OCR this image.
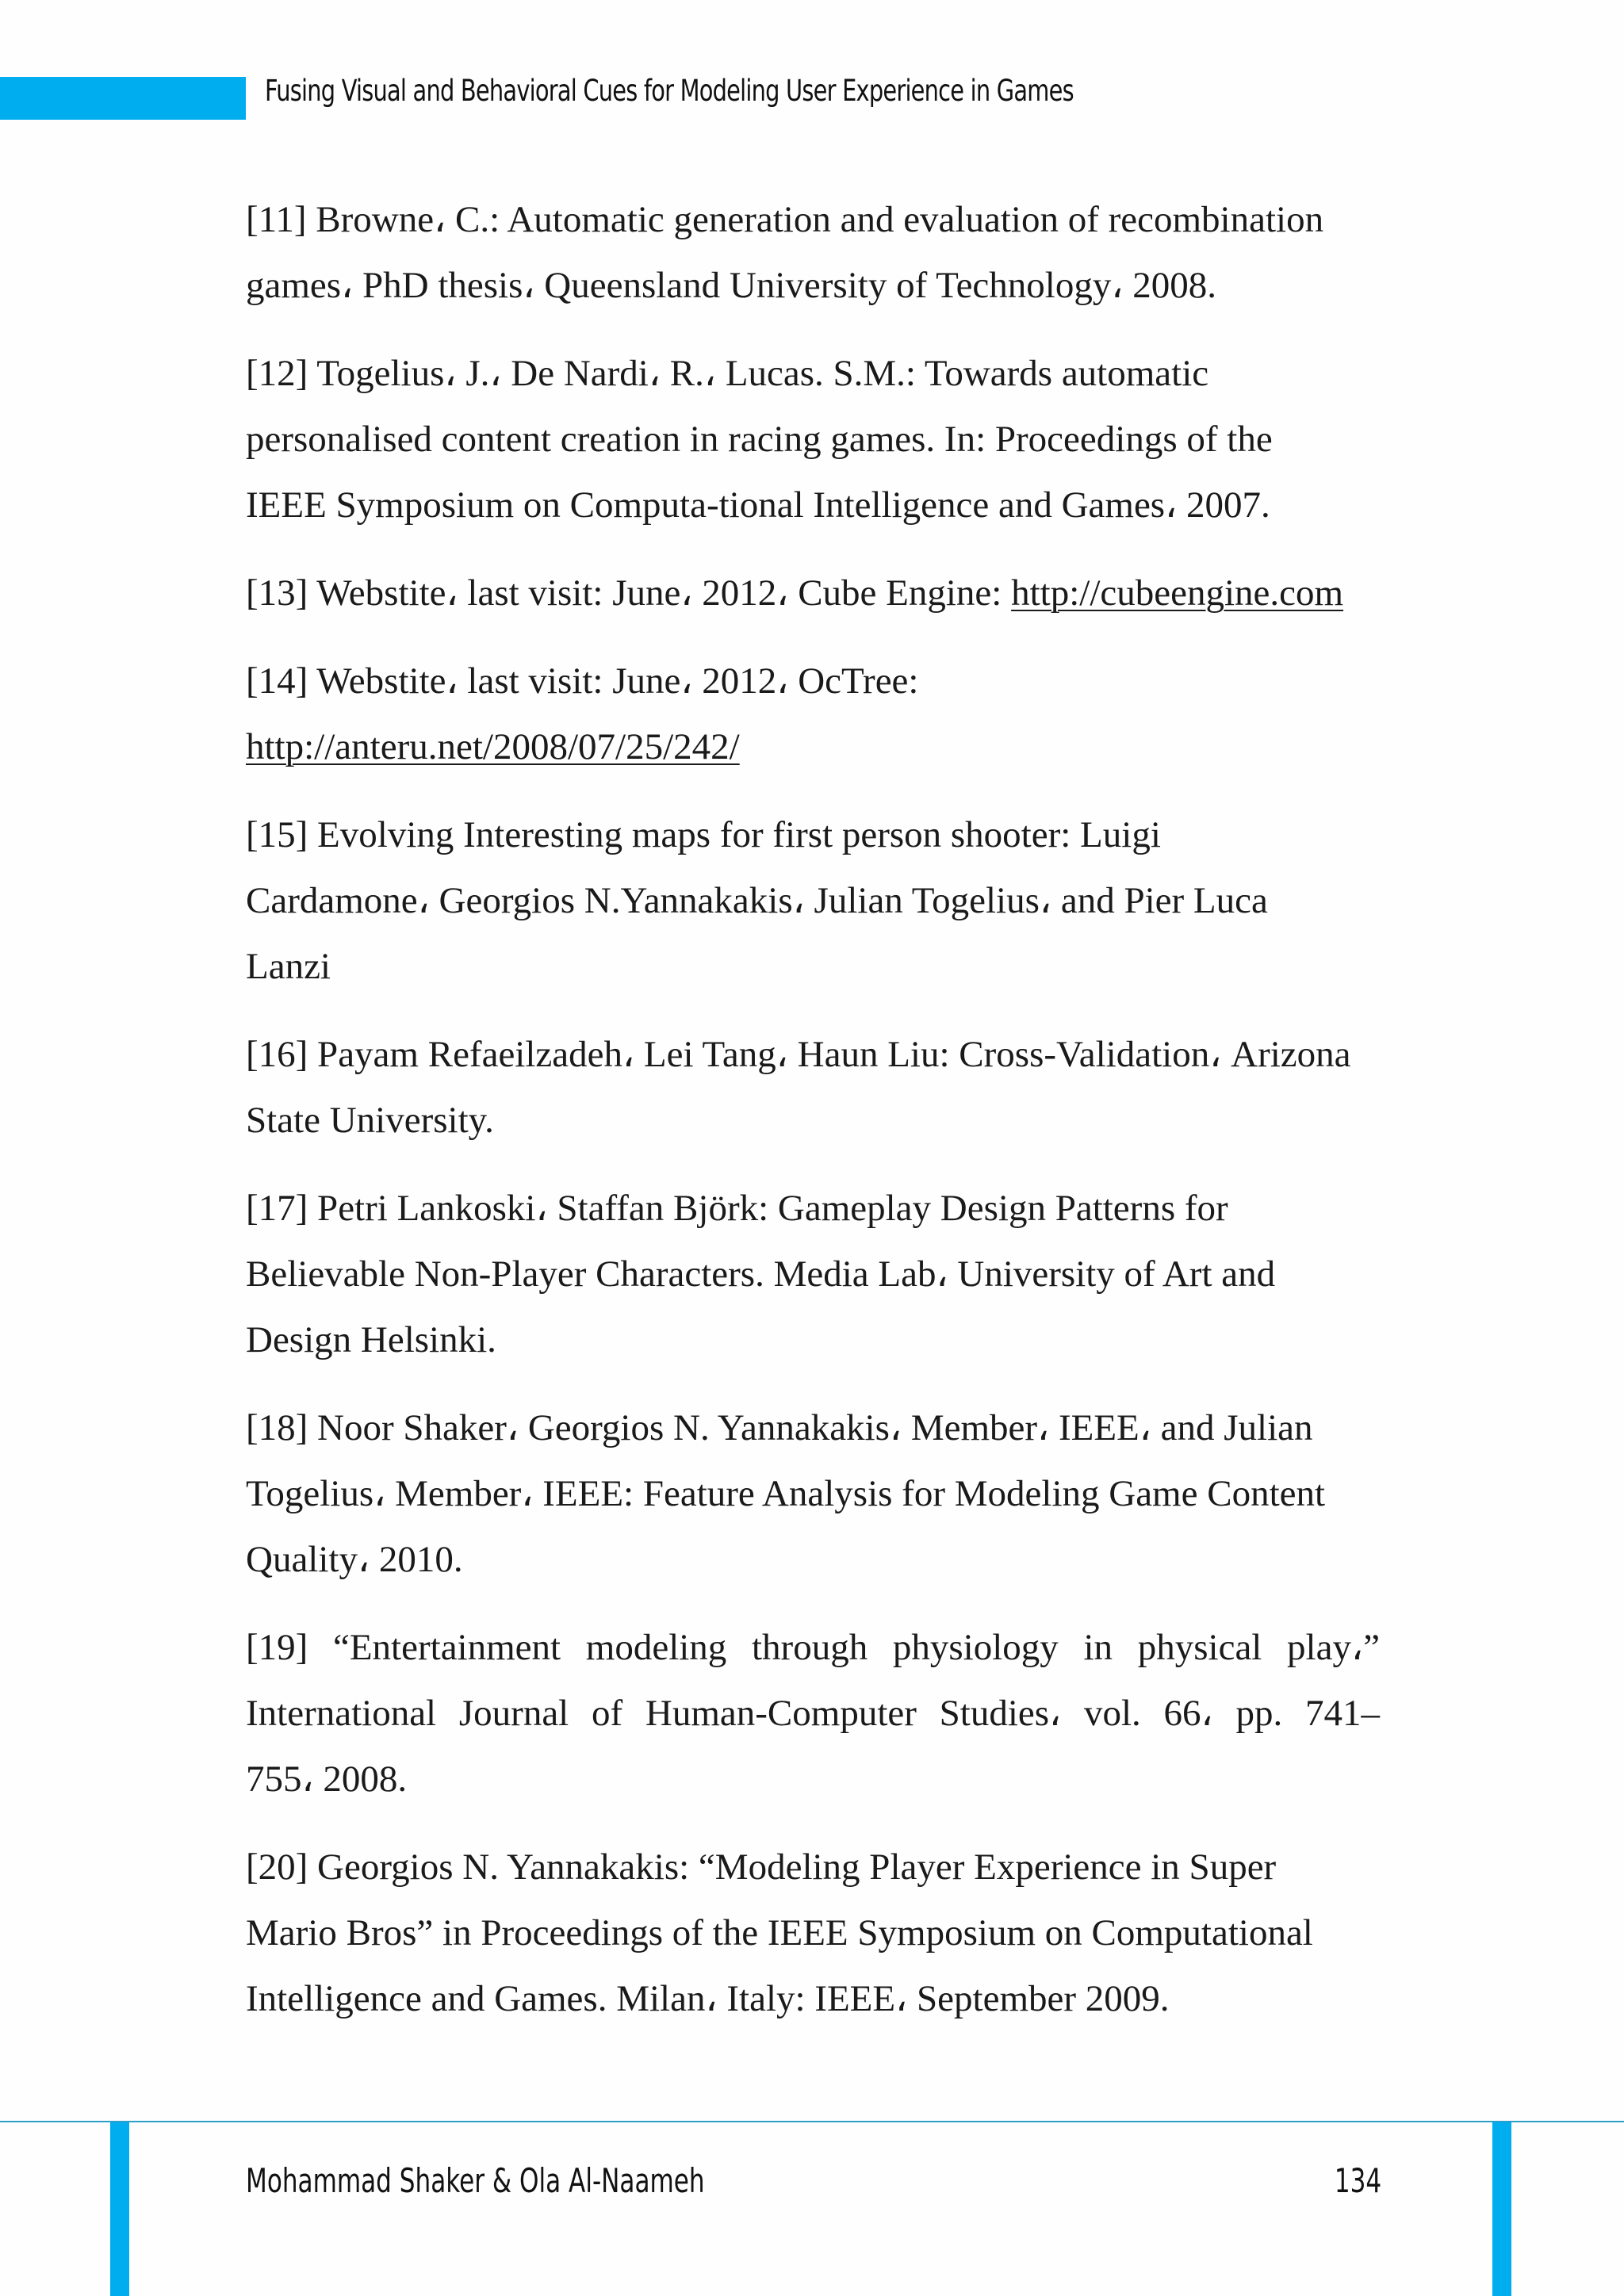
Fusing Visual and Behavioral Cues for Modeling User Experience in Games
[11] Browne، C.: Automatic generation and evaluation of recombination
games، PhD thesis، Queensland University of Technology، 2008.
[12] Togelius، J.، De Nardi، R.، Lucas. S.M.: Towards automatic
personalised content creation in racing games. In: Proceedings of the
IEEE Symposium on Computa-tional Intelligence and Games، 2007.
[13] Webstite، last visit: June، 2012، Cube Engine: http://cubeengine.com
[14] Webstite، last visit: June، 2012، OcTree:
http://anteru.net/2008/07/25/242/
[15] Evolving Interesting maps for first person shooter: Luigi
Cardamone، Georgios N.Yannakakis، Julian Togelius، and Pier Luca
Lanzi
[16] Payam Refaeilzadeh، Lei Tang، Haun Liu: Cross-Validation، Arizona
State University.
[17] Petri Lankoski، Staffan Björk: Gameplay Design Patterns for
Believable Non-Player Characters. Media Lab، University of Art and
Design Helsinki.
[18] Noor Shaker، Georgios N. Yannakakis، Member، IEEE، and Julian
Togelius، Member، IEEE: Feature Analysis for Modeling Game Content
Quality، 2010.
[19] “Entertainment modeling through physiology in physical play،”
International Journal of Human-Computer Studies، vol. 66، pp. 741–
755، 2008.
[20] Georgios N. Yannakakis: “Modeling Player Experience in Super
Mario Bros” in Proceedings of the IEEE Symposium on Computational
Intelligence and Games. Milan، Italy: IEEE، September 2009.
Mohammad Shaker & Ola Al-Naameh	134
